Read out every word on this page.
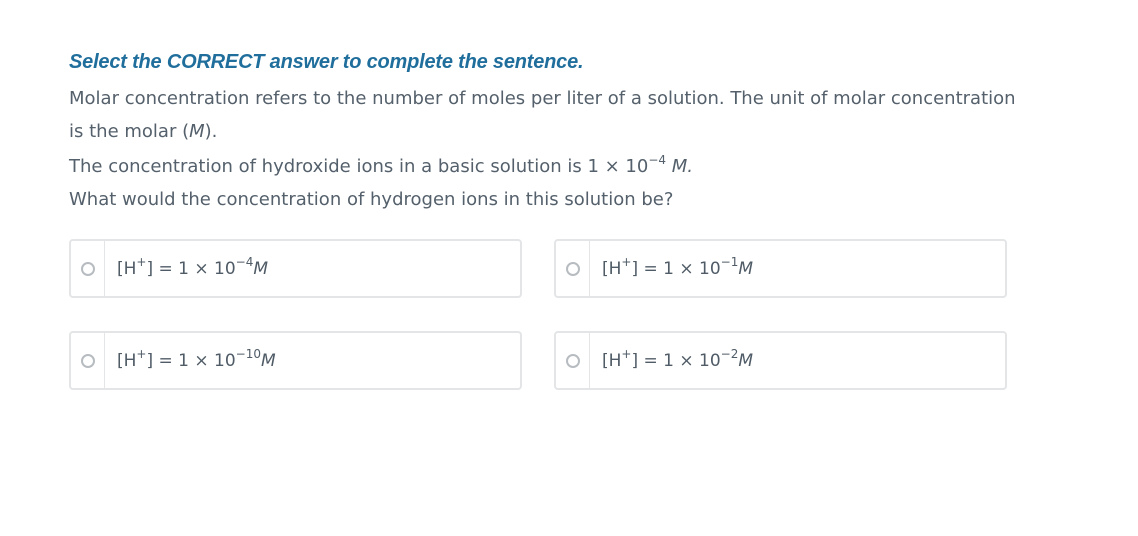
Select the CORRECT answer to complete the sentence.

Molar concentration refers to the number of moles per liter of a solution. The unit of molar concentration is the molar (M).

The concentration of hydroxide ions in a basic solution is $1 \times 10^{-4}$ M.

What would the concentration of hydrogen ions in this solution be?

$[H^+] = 1 \times 10^{-4}M$	$[H^+] = 1 \times 10^{-1}M$
$[H^+] = 1 \times 10^{-10}M$	$[H^+] = 1 \times 10^{-2}M$
